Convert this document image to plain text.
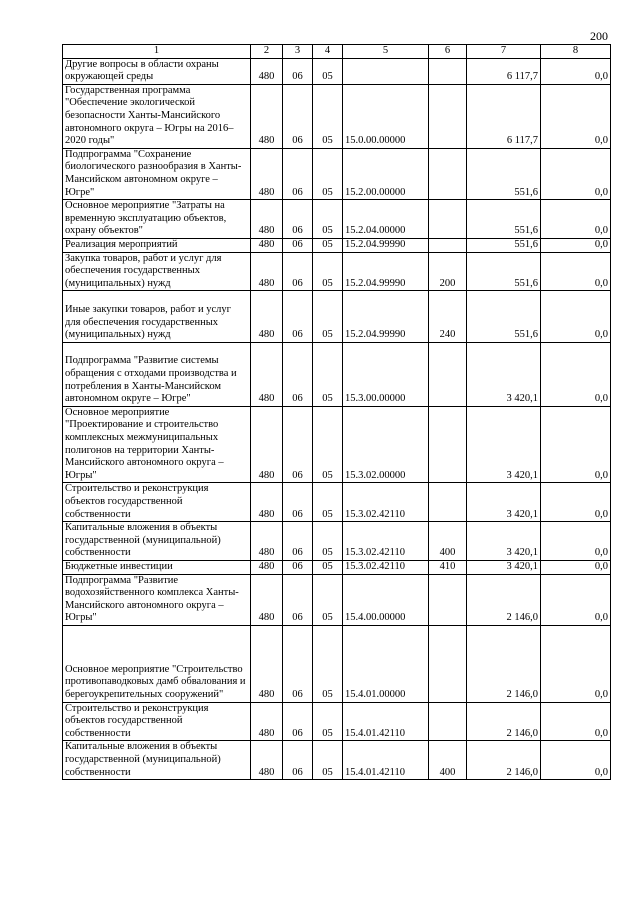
200
1	2	3	4	5	6	7	8
Другие вопросы в области охраны окружающей среды	480	06	05			6 117,7	0,0
Государственная программа "Обеспечение экологической безопасности Ханты-Мансийского автономного округа – Югры на 2016–2020 годы"	480	06	05	15.0.00.00000		6 117,7	0,0
Подпрограмма "Сохранение биологического разнообразия в Ханты-Мансийском автономном округе – Югре"	480	06	05	15.2.00.00000		551,6	0,0
Основное мероприятие "Затраты на временную эксплуатацию объектов, охрану объектов"	480	06	05	15.2.04.00000		551,6	0,0
Реализация мероприятий	480	06	05	15.2.04.99990		551,6	0,0
Закупка товаров, работ и услуг для обеспечения государственных (муниципальных) нужд	480	06	05	15.2.04.99990	200	551,6	0,0
Иные закупки товаров, работ и услуг для обеспечения государственных (муниципальных) нужд	480	06	05	15.2.04.99990	240	551,6	0,0
Подпрограмма "Развитие системы обращения с отходами производства и потребления в Ханты-Мансийском автономном округе – Югре"	480	06	05	15.3.00.00000		3 420,1	0,0
Основное мероприятие "Проектирование и строительство комплексных межмуниципальных полигонов на территории Ханты-Мансийского автономного округа – Югры"	480	06	05	15.3.02.00000		3 420,1	0,0
Строительство и реконструкция объектов государственной собственности	480	06	05	15.3.02.42110		3 420,1	0,0
Капитальные вложения в объекты государственной (муниципальной) собственности	480	06	05	15.3.02.42110	400	3 420,1	0,0
Бюджетные инвестиции	480	06	05	15.3.02.42110	410	3 420,1	0,0
Подпрограмма "Развитие водохозяйственного комплекса Ханты-Мансийского автономного округа – Югры"	480	06	05	15.4.00.00000		2 146,0	0,0
Основное мероприятие "Строительство противопаводковых дамб обвалования и берегоукрепительных сооружений"	480	06	05	15.4.01.00000		2 146,0	0,0
Строительство и реконструкция объектов государственной собственности	480	06	05	15.4.01.42110		2 146,0	0,0
Капитальные вложения в объекты государственной (муниципальной) собственности	480	06	05	15.4.01.42110	400	2 146,0	0,0
